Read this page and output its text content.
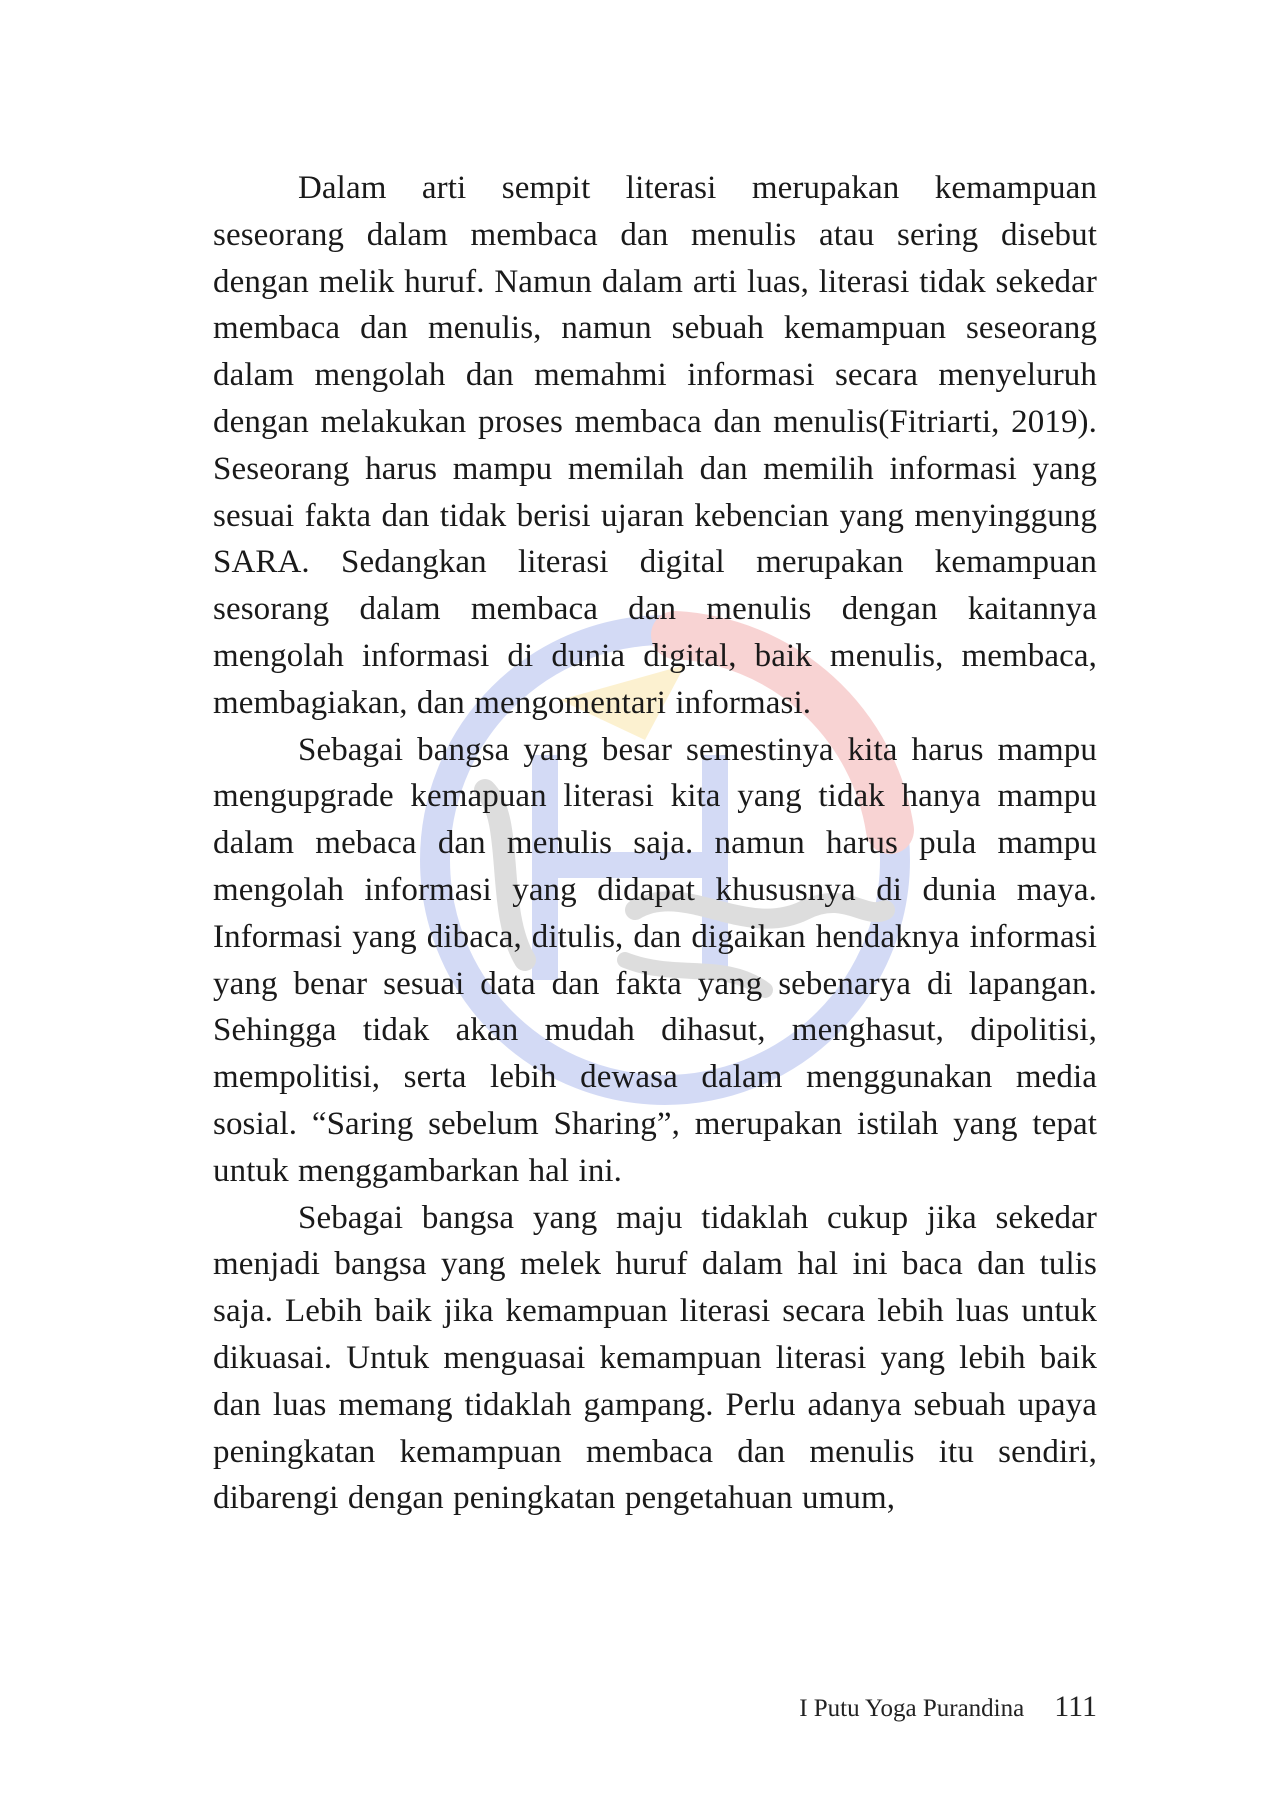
Dalam arti sempit literasi merupakan kemampuan seseorang dalam membaca dan menulis atau sering disebut dengan melik huruf. Namun dalam arti luas, literasi tidak sekedar membaca dan menulis, namun sebuah kemampuan seseorang dalam mengolah dan memahmi informasi secara menyeluruh dengan melakukan proses membaca dan menulis(Fitriarti, 2019). Seseorang harus mampu memilah dan memilih informasi yang sesuai fakta dan tidak berisi ujaran kebencian yang menyinggung SARA. Sedangkan literasi digital merupakan kemampuan sesorang dalam membaca dan menulis dengan kaitannya mengolah informasi di dunia digital, baik menulis, membaca, membagiakan, dan mengomentari informasi.

Sebagai bangsa yang besar semestinya kita harus mampu mengupgrade kemapuan literasi kita yang tidak hanya mampu dalam mebaca dan menulis saja. namun harus pula mampu mengolah informasi yang didapat khususnya di dunia maya. Informasi yang dibaca, ditulis, dan digaikan hendaknya informasi yang benar sesuai data dan fakta yang sebenarya di lapangan. Sehingga tidak akan mudah dihasut, menghasut, dipolitisi, mempolitisi, serta lebih dewasa dalam menggunakan media sosial. “Saring sebelum Sharing”, merupakan istilah yang tepat untuk menggambarkan hal ini.

Sebagai bangsa yang maju tidaklah cukup jika sekedar menjadi bangsa yang melek huruf dalam hal ini baca dan tulis saja. Lebih baik jika kemampuan literasi secara lebih luas untuk dikuasai. Untuk menguasai kemampuan literasi yang lebih baik dan luas memang tidaklah gampang. Perlu adanya sebuah upaya peningkatan kemampuan membaca dan menulis itu sendiri, dibarengi dengan peningkatan pengetahuan umum,

I Putu Yoga Purandina 111
